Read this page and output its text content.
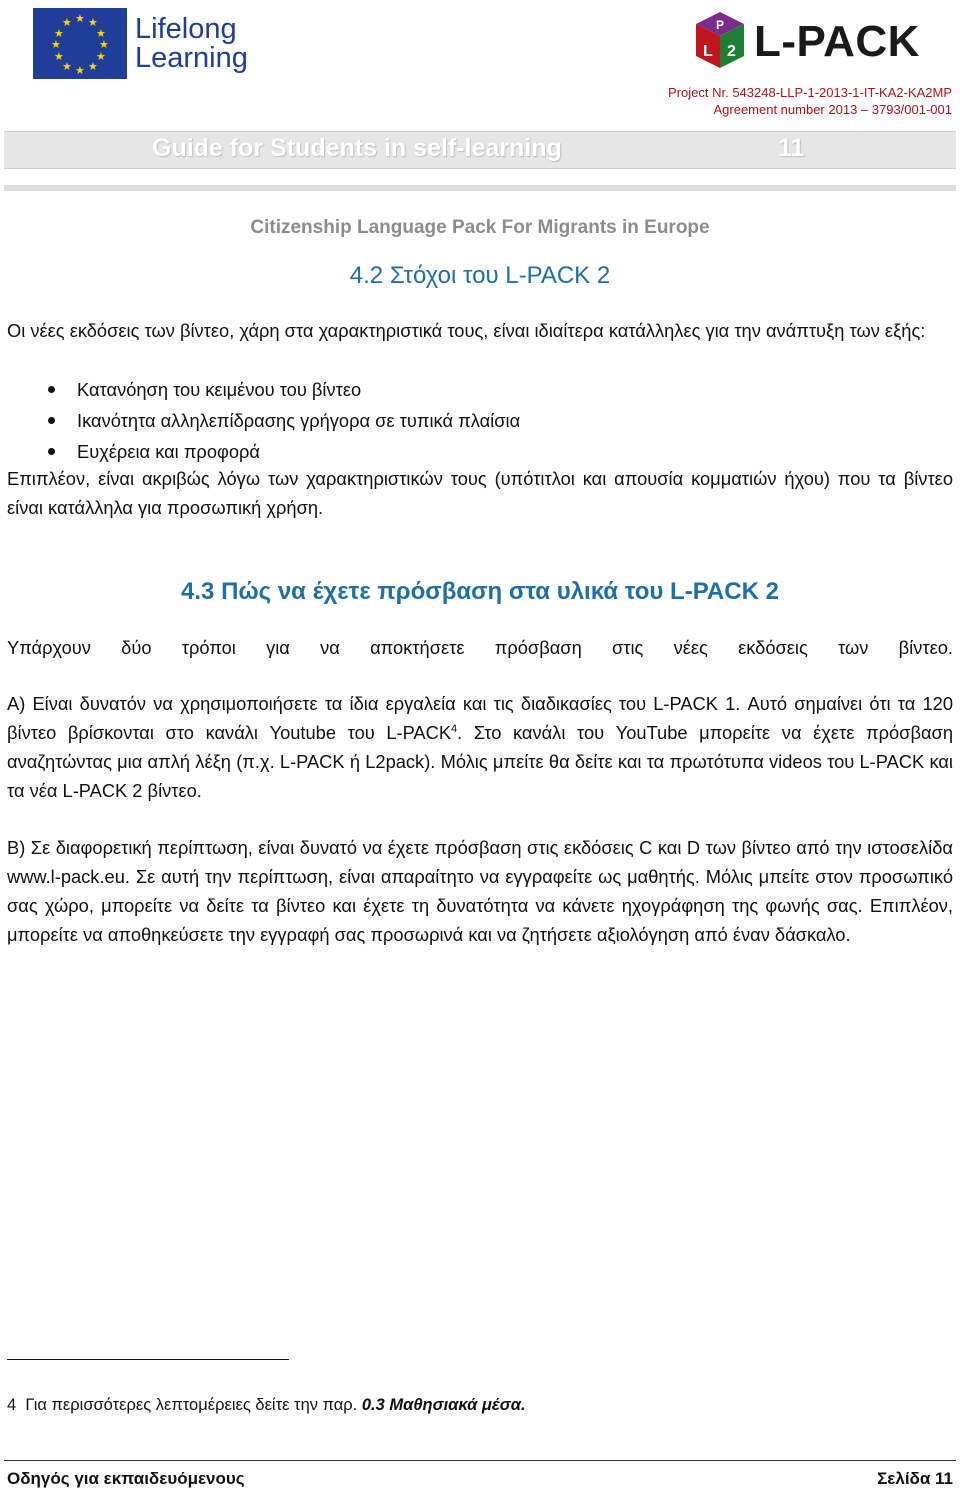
★ ★
★
★
★
★
★
★
★
★
★
★ Lifelong
Learning
P
L 2 L-PACK
Project Nr. 543248-LLP-1-2013-1-IT-KA2-KA2MP
Agreement number 2013 – 3793/001-001
Guide for Students in self-learning	11
Citizenship Language Pack For Migrants in Europe
4.2 Στόχοι του L-PACK 2
Οι νέες εκδόσεις των βίντεο, χάρη στα χαρακτηριστικά τους, είναι ιδιαίτερα κατάλληλες για την ανάπτυξη των εξής:
Κατανόηση του κειμένου του βίντεο
Ικανότητα αλληλεπίδρασης γρήγορα σε τυπικά πλαίσια
Ευχέρεια και προφορά
Επιπλέον, είναι ακριβώς λόγω των χαρακτηριστικών τους (υπότιτλοι και απουσία κομματιών ήχου) που τα βίντεο είναι κατάλληλα για προσωπική χρήση.
4.3 Πώς να έχετε πρόσβαση στα υλικά του L-PACK 2
Υπάρχουν δύο τρόποι για να αποκτήσετε πρόσβαση στις νέες εκδόσεις των βίντεο.
Α) Είναι δυνατόν να χρησιμοποιήσετε τα ίδια εργαλεία και τις διαδικασίες του L-PACK 1. Αυτό σημαίνει ότι τα 120 βίντεο βρίσκονται στο κανάλι Youtube του L-PACK$^4$. Στο κανάλι του YouTube μπορείτε να έχετε πρόσβαση αναζητώντας μια απλή λέξη (π.χ. L-PACK ή L2pack). Μόλις μπείτε θα δείτε και τα πρωτότυπα videos του L-PACK και τα νέα L-PACK 2 βίντεο.
Β) Σε διαφορετική περίπτωση, είναι δυνατό να έχετε πρόσβαση στις εκδόσεις C και D των βίντεο από την ιστοσελίδα www.l-pack.eu. Σε αυτή την περίπτωση, είναι απαραίτητο να εγγραφείτε ως μαθητής. Μόλις μπείτε στον προσωπικό σας χώρο, μπορείτε να δείτε τα βίντεο και έχετε τη δυνατότητα να κάνετε ηχογράφηση της φωνής σας. Επιπλέον, μπορείτε να αποθηκεύσετε την εγγραφή σας προσωρινά και να ζητήσετε αξιολόγηση από έναν δάσκαλο.
4 Για περισσότερες λεπτομέρειες δείτε την παρ. 0.3 Μαθησιακά μέσα.
Οδηγός για εκπαιδευόμενους	Σελίδα 11
